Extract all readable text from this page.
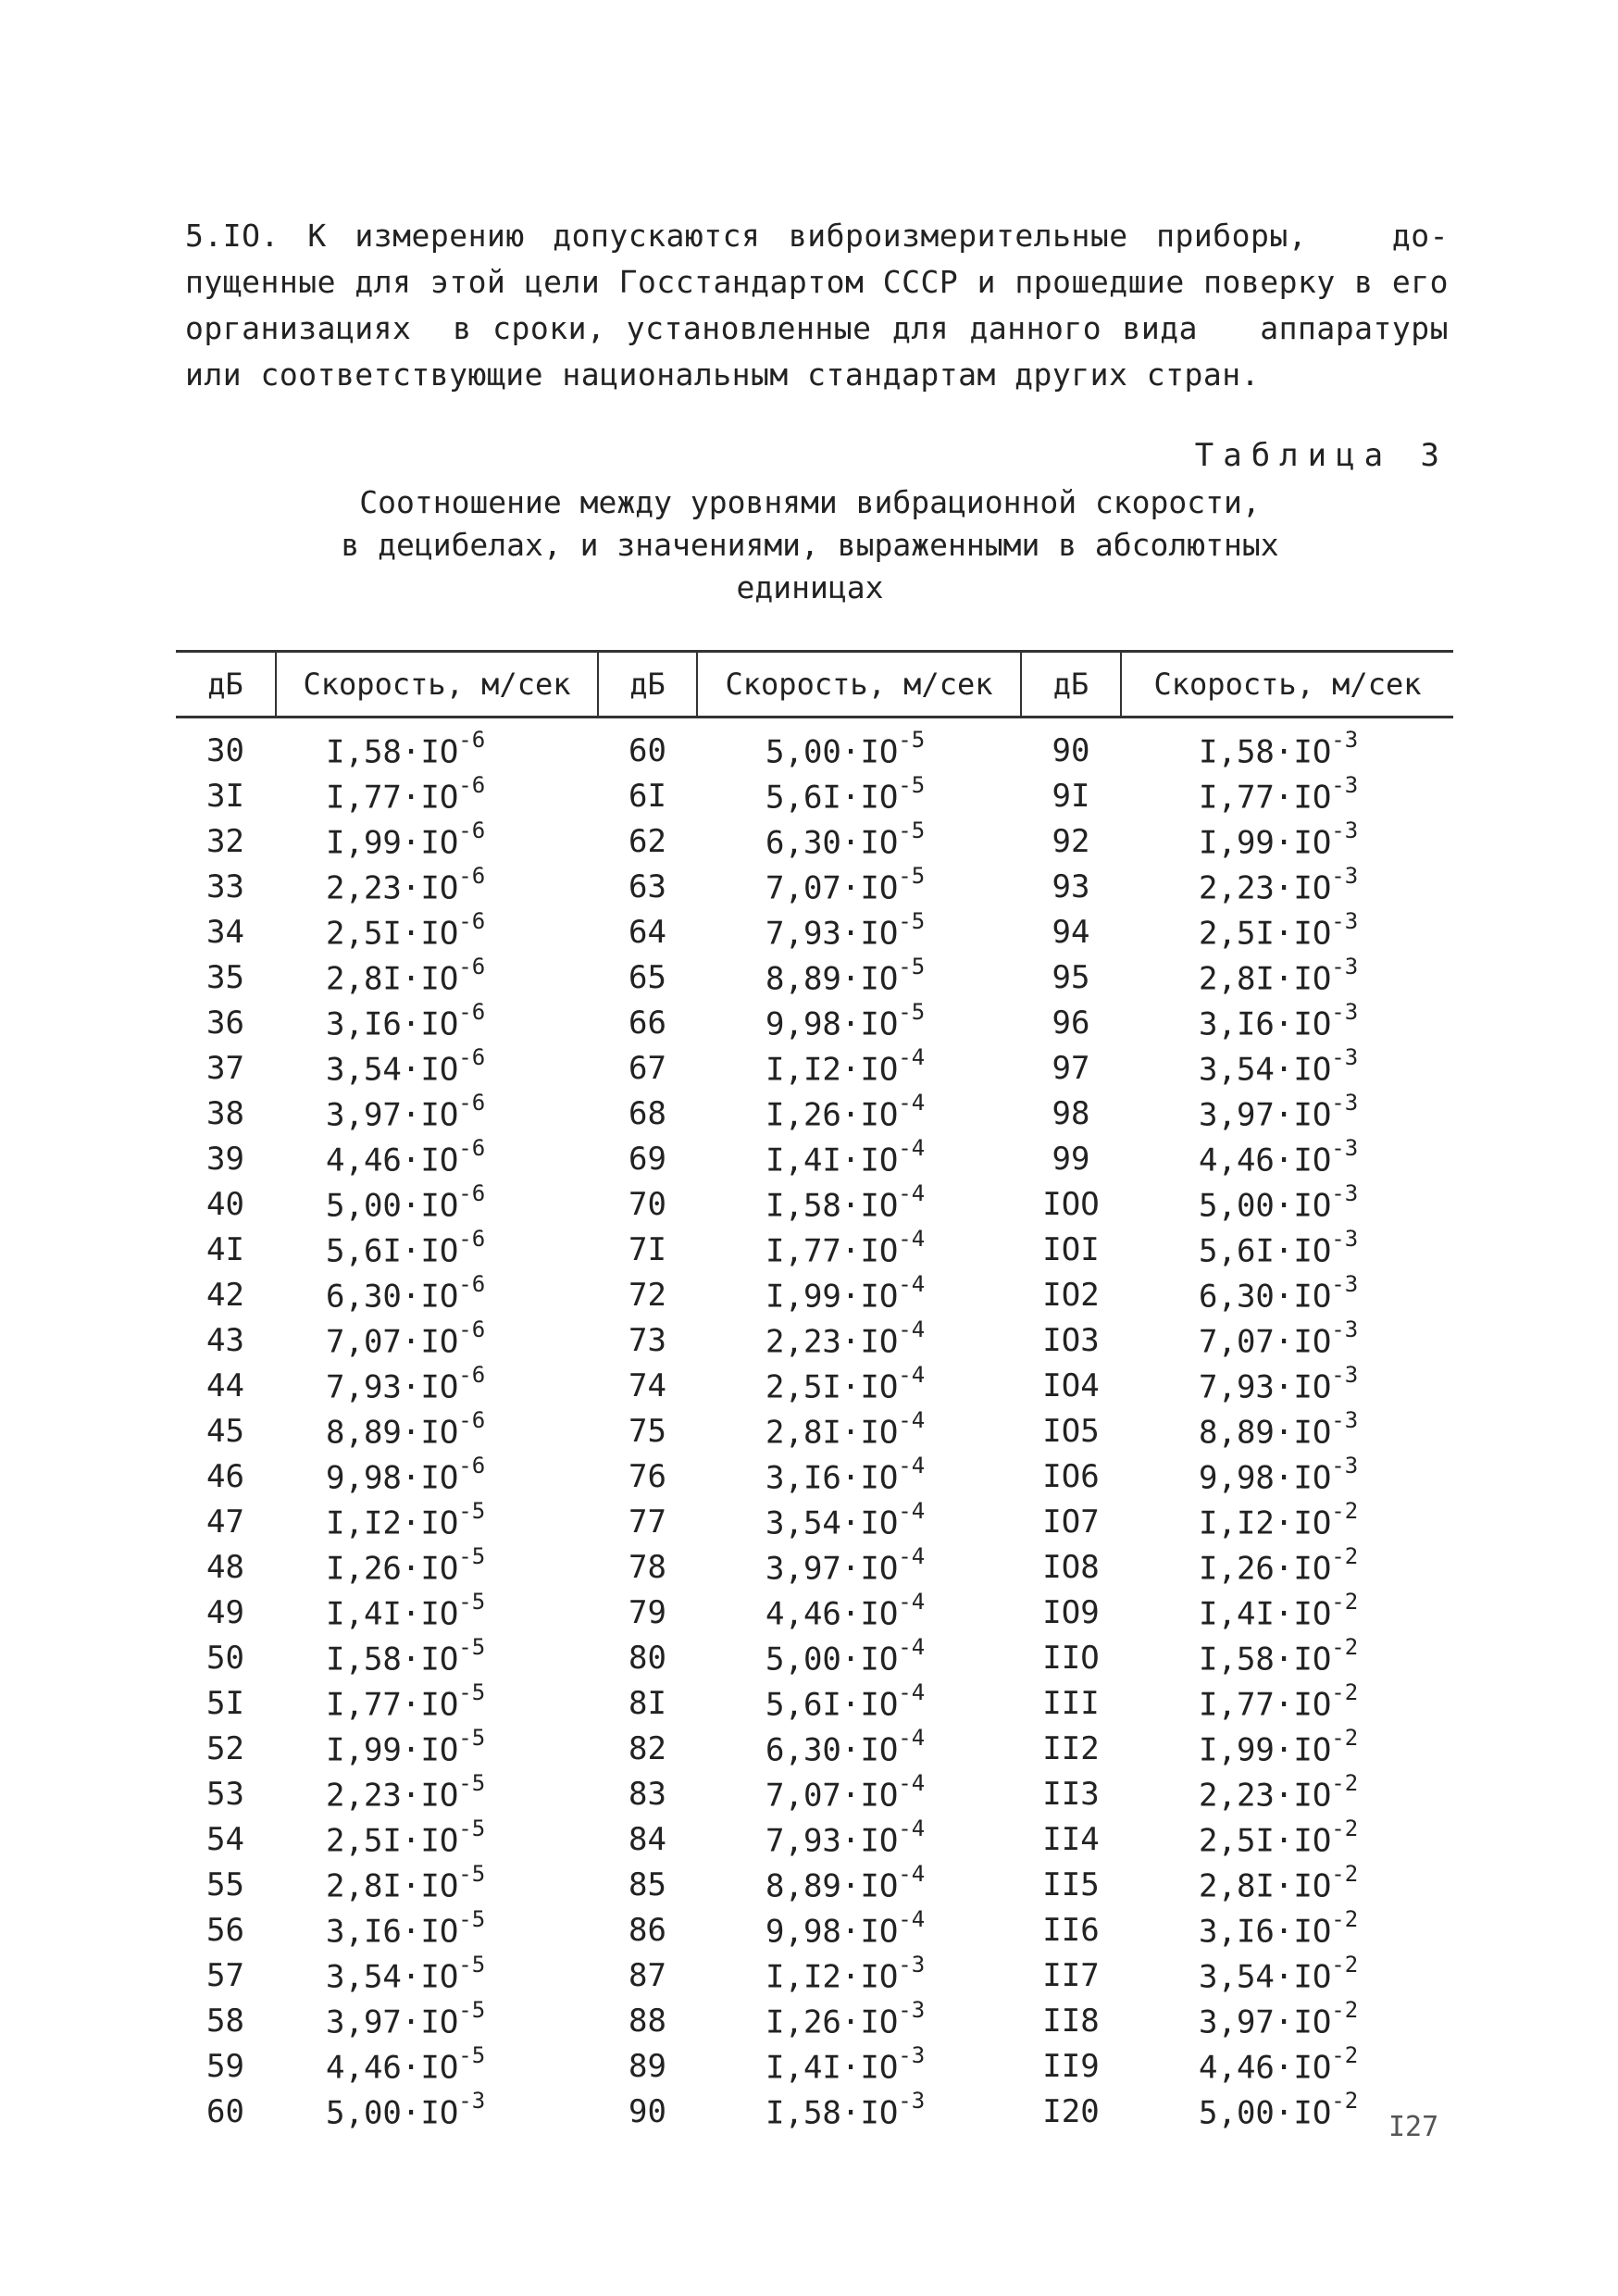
5.IO. К измерению допускаются виброизмерительные приборы,   до-
пущенные для этой цели Госстандартом СССР и прошедшие поверку в его
организациях  в сроки, установленные для данного вида   аппаратуры
или соответствующие национальным стандартам других стран.
Таблица 3
Соотношение между уровнями вибрационной скорости,
в децибелах, и значениями, выраженными в абсолютных
единицах
дБ	Скорость, м/сек	дБ	Скорость, м/сек	дБ	Скорость, м/сек
30	$I,58\cdot IO^{-6}$	60	$5,00\cdot IO^{-5}$	90	$I,58\cdot IO^{-3}$
3I	$I,77\cdot IO^{-6}$	6I	$5,6I\cdot IO^{-5}$	9I	$I,77\cdot IO^{-3}$
32	$I,99\cdot IO^{-6}$	62	$6,30\cdot IO^{-5}$	92	$I,99\cdot IO^{-3}$
33	$2,23\cdot IO^{-6}$	63	$7,07\cdot IO^{-5}$	93	$2,23\cdot IO^{-3}$
34	$2,5I\cdot IO^{-6}$	64	$7,93\cdot IO^{-5}$	94	$2,5I\cdot IO^{-3}$
35	$2,8I\cdot IO^{-6}$	65	$8,89\cdot IO^{-5}$	95	$2,8I\cdot IO^{-3}$
36	$3,I6\cdot IO^{-6}$	66	$9,98\cdot IO^{-5}$	96	$3,I6\cdot IO^{-3}$
37	$3,54\cdot IO^{-6}$	67	$I,I2\cdot IO^{-4}$	97	$3,54\cdot IO^{-3}$
38	$3,97\cdot IO^{-6}$	68	$I,26\cdot IO^{-4}$	98	$3,97\cdot IO^{-3}$
39	$4,46\cdot IO^{-6}$	69	$I,4I\cdot IO^{-4}$	99	$4,46\cdot IO^{-3}$
40	$5,00\cdot IO^{-6}$	70	$I,58\cdot IO^{-4}$	IOO	$5,00\cdot IO^{-3}$
4I	$5,6I\cdot IO^{-6}$	7I	$I,77\cdot IO^{-4}$	IOI	$5,6I\cdot IO^{-3}$
42	$6,30\cdot IO^{-6}$	72	$I,99\cdot IO^{-4}$	IO2	$6,30\cdot IO^{-3}$
43	$7,07\cdot IO^{-6}$	73	$2,23\cdot IO^{-4}$	IO3	$7,07\cdot IO^{-3}$
44	$7,93\cdot IO^{-6}$	74	$2,5I\cdot IO^{-4}$	IO4	$7,93\cdot IO^{-3}$
45	$8,89\cdot IO^{-6}$	75	$2,8I\cdot IO^{-4}$	IO5	$8,89\cdot IO^{-3}$
46	$9,98\cdot IO^{-6}$	76	$3,I6\cdot IO^{-4}$	IO6	$9,98\cdot IO^{-3}$
47	$I,I2\cdot IO^{-5}$	77	$3,54\cdot IO^{-4}$	IO7	$I,I2\cdot IO^{-2}$
48	$I,26\cdot IO^{-5}$	78	$3,97\cdot IO^{-4}$	IO8	$I,26\cdot IO^{-2}$
49	$I,4I\cdot IO^{-5}$	79	$4,46\cdot IO^{-4}$	IO9	$I,4I\cdot IO^{-2}$
50	$I,58\cdot IO^{-5}$	80	$5,00\cdot IO^{-4}$	IIO	$I,58\cdot IO^{-2}$
5I	$I,77\cdot IO^{-5}$	8I	$5,6I\cdot IO^{-4}$	III	$I,77\cdot IO^{-2}$
52	$I,99\cdot IO^{-5}$	82	$6,30\cdot IO^{-4}$	II2	$I,99\cdot IO^{-2}$
53	$2,23\cdot IO^{-5}$	83	$7,07\cdot IO^{-4}$	II3	$2,23\cdot IO^{-2}$
54	$2,5I\cdot IO^{-5}$	84	$7,93\cdot IO^{-4}$	II4	$2,5I\cdot IO^{-2}$
55	$2,8I\cdot IO^{-5}$	85	$8,89\cdot IO^{-4}$	II5	$2,8I\cdot IO^{-2}$
56	$3,I6\cdot IO^{-5}$	86	$9,98\cdot IO^{-4}$	II6	$3,I6\cdot IO^{-2}$
57	$3,54\cdot IO^{-5}$	87	$I,I2\cdot IO^{-3}$	II7	$3,54\cdot IO^{-2}$
58	$3,97\cdot IO^{-5}$	88	$I,26\cdot IO^{-3}$	II8	$3,97\cdot IO^{-2}$
59	$4,46\cdot IO^{-5}$	89	$I,4I\cdot IO^{-3}$	II9	$4,46\cdot IO^{-2}$
60	$5,00\cdot IO^{-3}$	90	$I,58\cdot IO^{-3}$	I20	$5,00\cdot IO^{-2}$
I27
